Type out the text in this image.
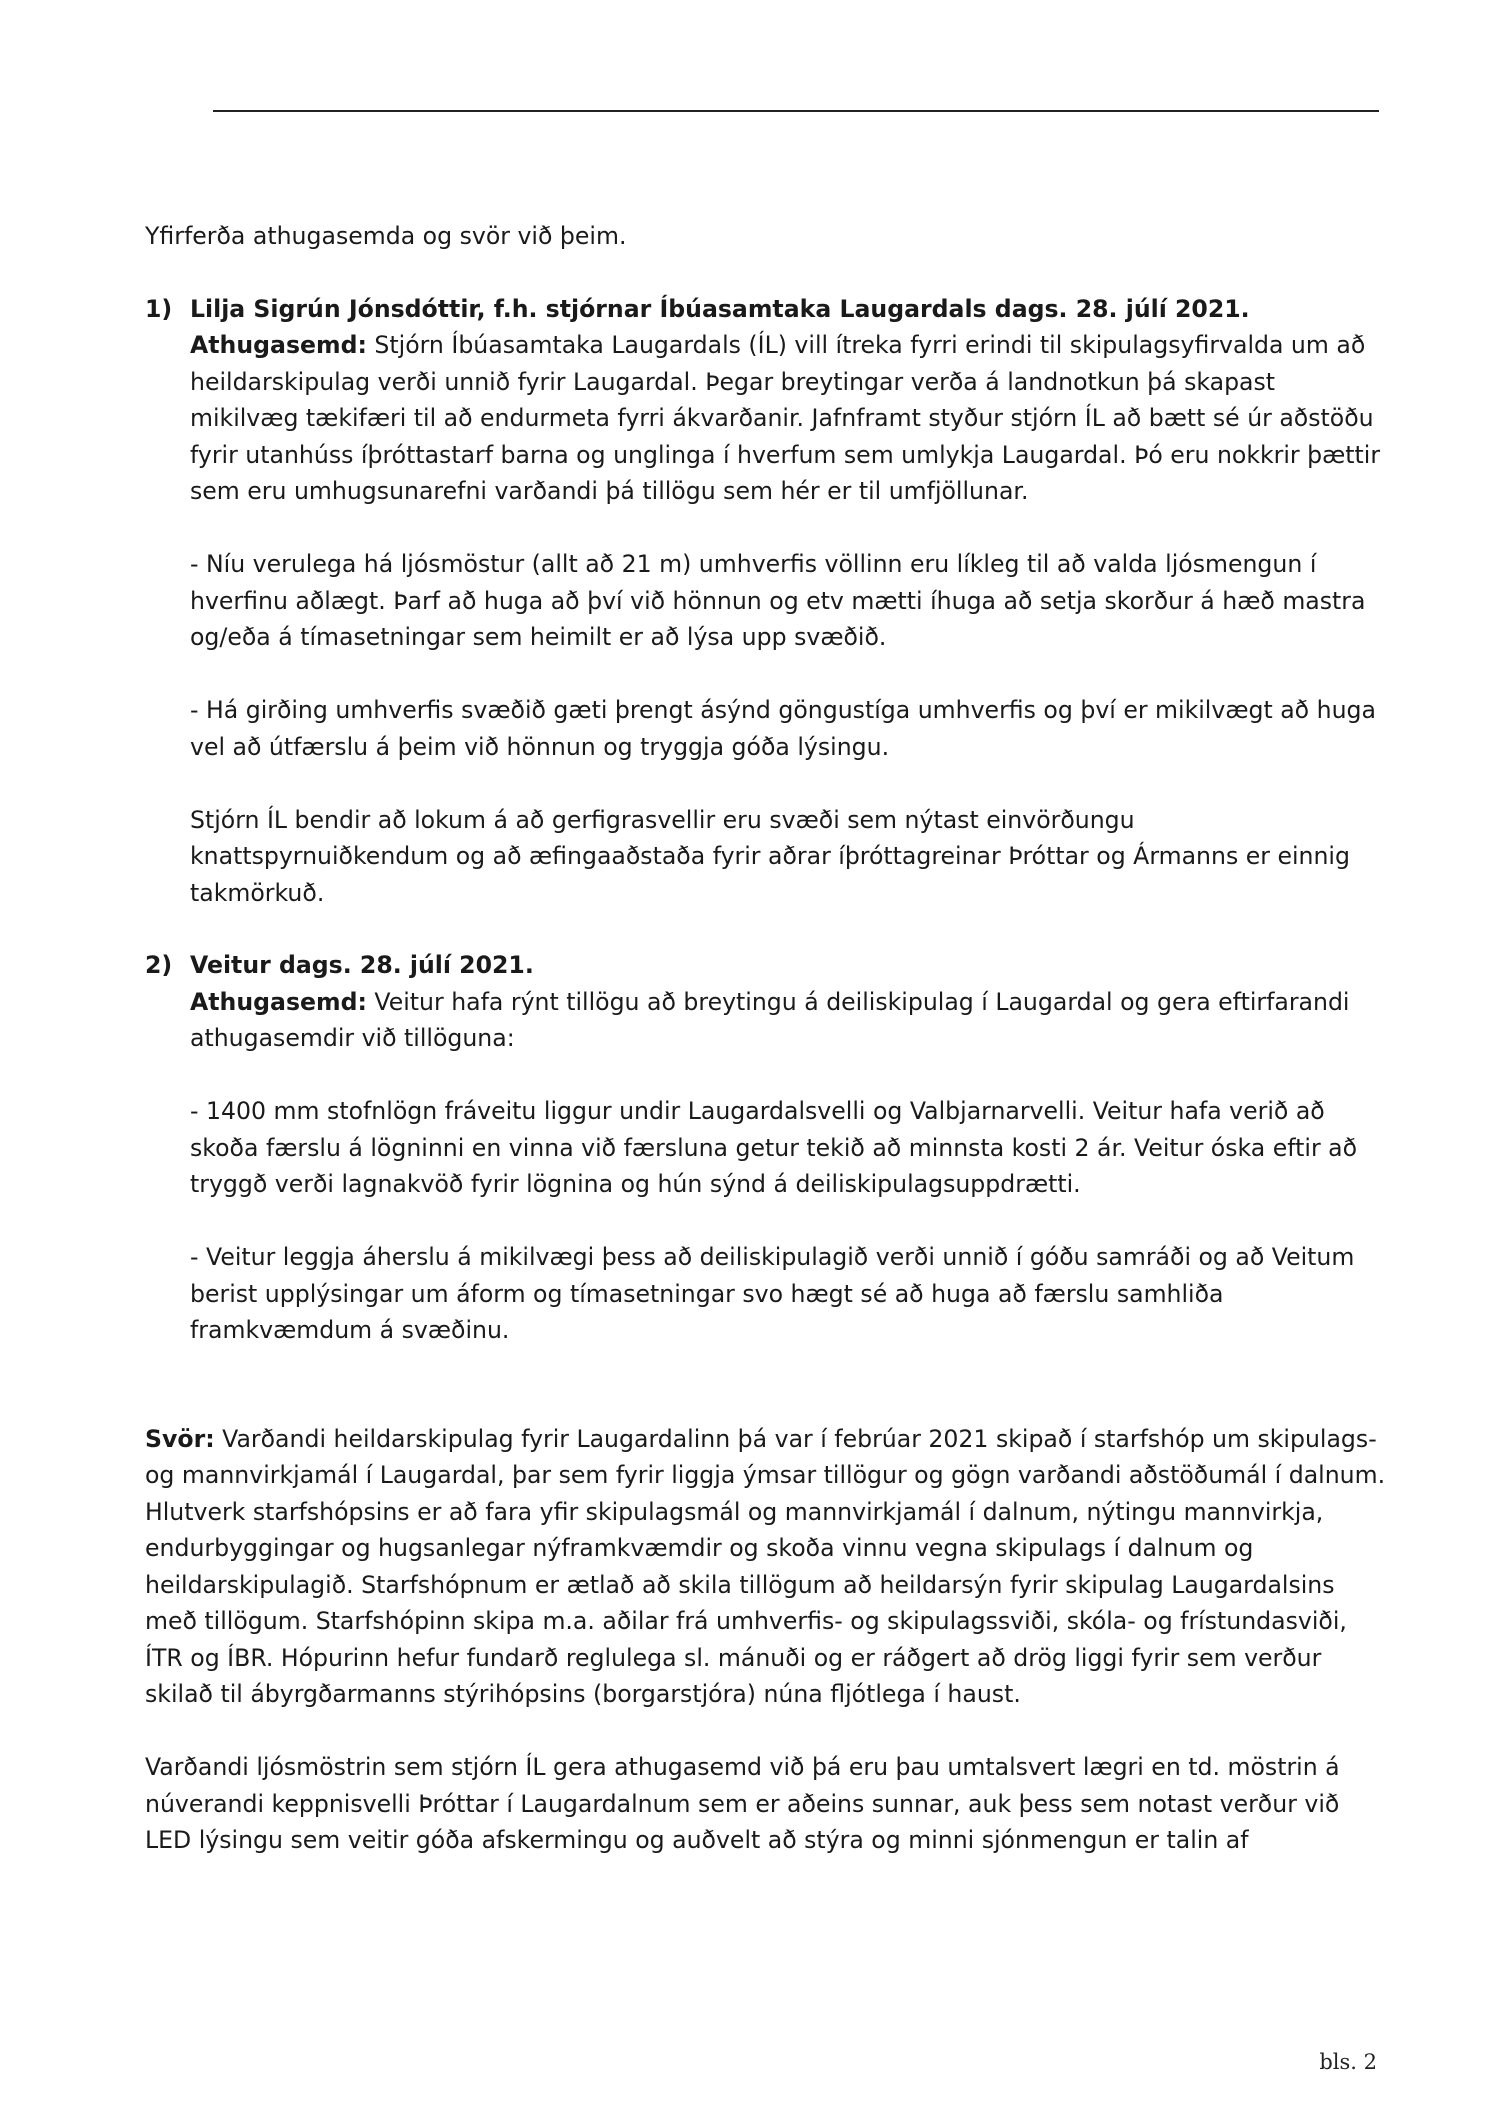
Yfirferða athugasemda og svör við þeim.

1) Lilja Sigrún Jónsdóttir, f.h. stjórnar Íbúasamtaka Laugardals dags. 28. júlí 2021.

Athugasemd: Stjórn Íbúasamtaka Laugardals (ÍL) vill ítreka fyrri erindi til skipulagsyfirvalda um að heildarskipulag verði unnið fyrir Laugardal. Þegar breytingar verða á landnotkun þá skapast mikilvæg tækifæri til að endurmeta fyrri ákvarðanir. Jafnframt styður stjórn ÍL að bætt sé úr aðstöðu fyrir utanhúss íþróttastarf barna og unglinga í hverfum sem umlykja Laugardal. Þó eru nokkrir þættir sem eru umhugsunarefni varðandi þá tillögu sem hér er til umfjöllunar.

- Níu verulega há ljósmöstur (allt að 21 m) umhverfis völlinn eru líkleg til að valda ljósmengun í hverfinu aðlægt. Þarf að huga að því við hönnun og etv mætti íhuga að setja skorður á hæð mastra og/eða á tímasetningar sem heimilt er að lýsa upp svæðið.

- Há girðing umhverfis svæðið gæti þrengt ásýnd göngustíga umhverfis og því er mikilvægt að huga vel að útfærslu á þeim við hönnun og tryggja góða lýsingu.

Stjórn ÍL bendir að lokum á að gerfigrasvellir eru svæði sem nýtast einvörðungu knattspyrnuiðkendum og að æfingaaðstaða fyrir aðrar íþróttagreinar Þróttar og Ármanns er einnig takmörkuð.

2) Veitur dags. 28. júlí 2021.

Athugasemd: Veitur hafa rýnt tillögu að breytingu á deiliskipulag í Laugardal og gera eftirfarandi athugasemdir við tillöguna:

- 1400 mm stofnlögn fráveitu liggur undir Laugardalsvelli og Valbjarnarvelli. Veitur hafa verið að skoða færslu á lögninni en vinna við færsluna getur tekið að minnsta kosti 2 ár. Veitur óska eftir að tryggð verði lagnakvöð fyrir lögnina og hún sýnd á deiliskipulagsuppdrætti.

- Veitur leggja áherslu á mikilvægi þess að deiliskipulagið verði unnið í góðu samráði og að Veitum berist upplýsingar um áform og tímasetningar svo hægt sé að huga að færslu samhliða framkvæmdum á svæðinu.

Svör: Varðandi heildarskipulag fyrir Laugardalinn þá var í febrúar 2021 skipað í starfshóp um skipulags- og mannvirkjamál í Laugardal, þar sem fyrir liggja ýmsar tillögur og gögn varðandi aðstöðumál í dalnum. Hlutverk starfshópsins er að fara yfir skipulagsmál og mannvirkjamál í dalnum, nýtingu mannvirkja, endurbyggingar og hugsanlegar nýframkvæmdir og skoða vinnu vegna skipulags í dalnum og heildarskipulagið. Starfshópnum er ætlað að skila tillögum að heildarsýn fyrir skipulag Laugardalsins með tillögum. Starfshópinn skipa m.a. aðilar frá umhverfis- og skipulagssviði, skóla- og frístundasviði, ÍTR og ÍBR. Hópurinn hefur fundarð reglulega sl. mánuði og er ráðgert að drög liggi fyrir sem verður skilað til ábyrgðarmanns stýrihópsins (borgarstjóra) núna fljótlega í haust.

Varðandi ljósmöstrin sem stjórn ÍL gera athugasemd við þá eru þau umtalsvert lægri en td. möstrin á núverandi keppnisvelli Þróttar í Laugardalnum sem er aðeins sunnar, auk þess sem notast verður við LED lýsingu sem veitir góða afskermingu og auðvelt að stýra og minni sjónmengun er talin af

bls. 2
